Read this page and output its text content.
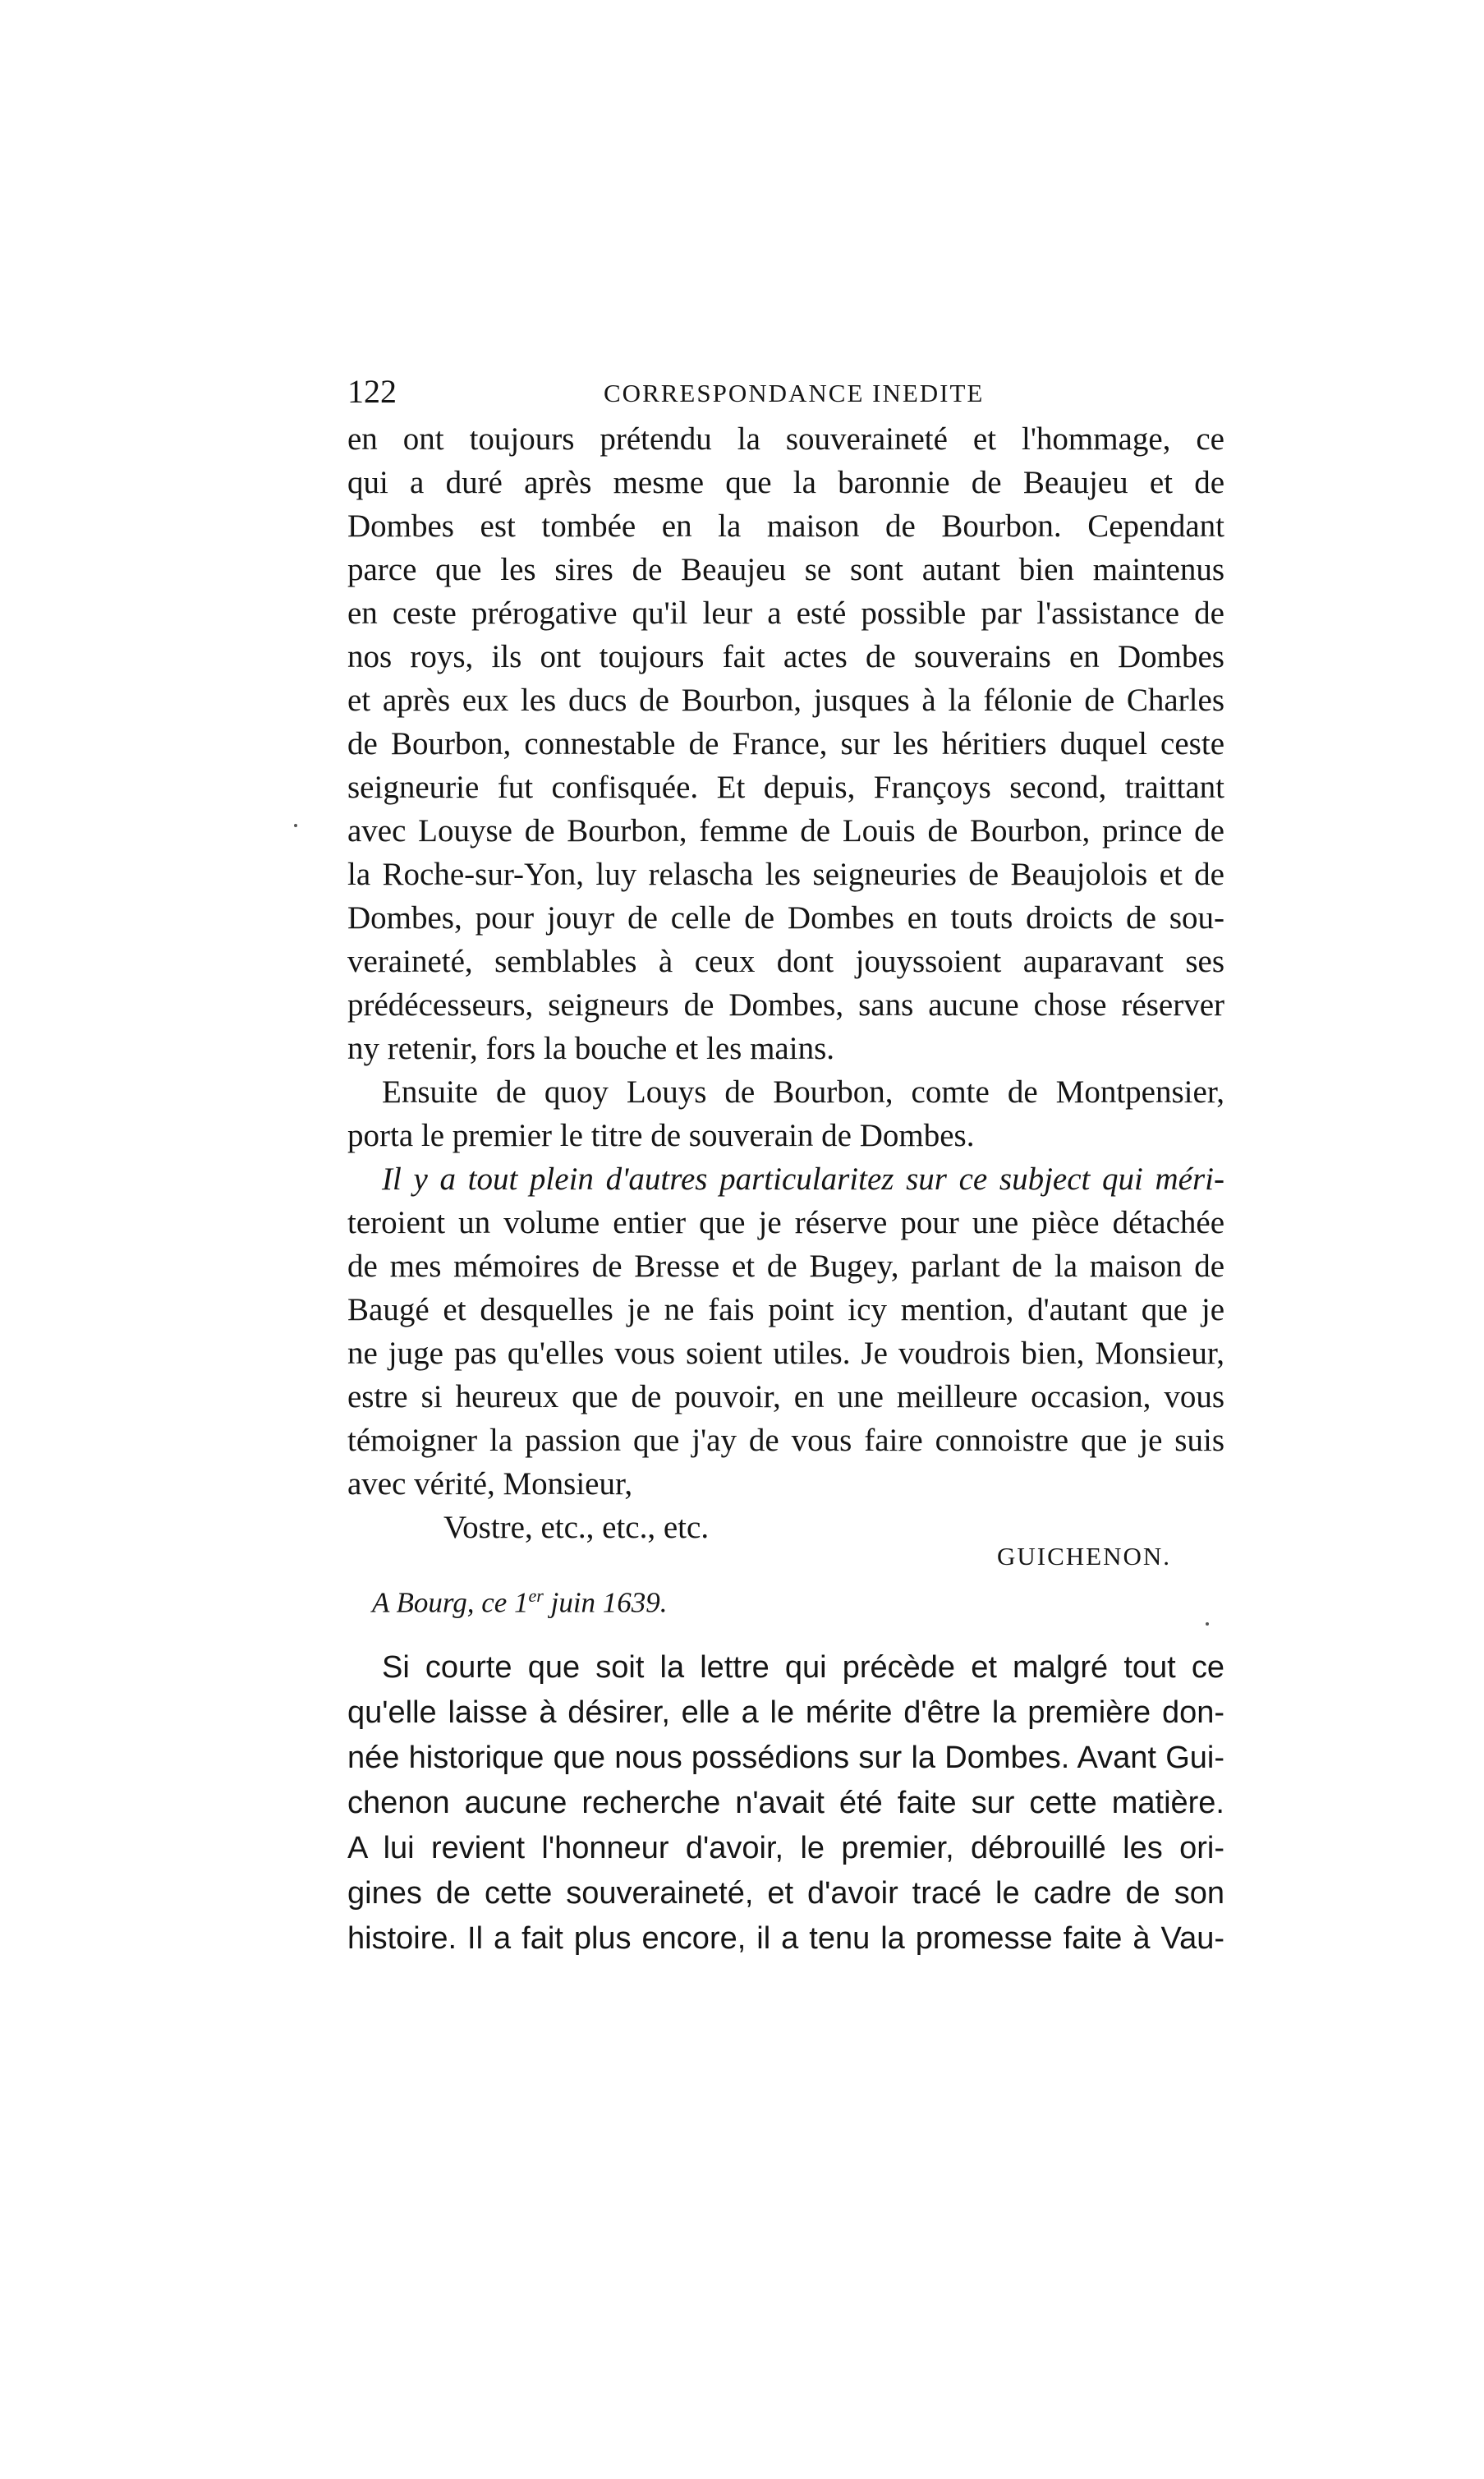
122	CORRESPONDANCE INEDITE
en ont toujours prétendu la souveraineté et l'hommage, ce
qui a duré après mesme que la baronnie de Beaujeu et de
Dombes est tombée en la maison de Bourbon. Cependant
parce que les sires de Beaujeu se sont autant bien maintenus
en ceste prérogative qu'il leur a esté possible par l'assistance de
nos roys, ils ont toujours fait actes de souverains en Dombes
et après eux les ducs de Bourbon, jusques à la félonie de Charles
de Bourbon, connestable de France, sur les héritiers duquel ceste
seigneurie fut confisquée. Et depuis, Françoys second, traittant
avec Louyse de Bourbon, femme de Louis de Bourbon, prince de
la Roche-sur-Yon, luy relascha les seigneuries de Beaujolois et de
Dombes, pour jouyr de celle de Dombes en touts droicts de sou-
veraineté, semblables à ceux dont jouyssoient auparavant ses
prédécesseurs, seigneurs de Dombes, sans aucune chose réserver
ny retenir, fors la bouche et les mains.
Ensuite de quoy Louys de Bourbon, comte de Montpensier,
porta le premier le titre de souverain de Dombes.
Il y a tout plein d'autres particularitez sur ce subject qui méri-
teroient un volume entier que je réserve pour une pièce détachée
de mes mémoires de Bresse et de Bugey, parlant de la maison de
Baugé et desquelles je ne fais point icy mention, d'autant que je
ne juge pas qu'elles vous soient utiles. Je voudrois bien, Monsieur,
estre si heureux que de pouvoir, en une meilleure occasion, vous
témoigner la passion que j'ay de vous faire connoistre que je suis
avec vérité, Monsieur,
Vostre, etc., etc., etc.
GUICHENON.
A Bourg, ce 1er juin 1639.
Si courte que soit la lettre qui précède et malgré tout ce
qu'elle laisse à désirer, elle a le mérite d'être la première don-
née historique que nous possédions sur la Dombes. Avant Gui-
chenon aucune recherche n'avait été faite sur cette matière.
A lui revient l'honneur d'avoir, le premier, débrouillé les ori-
gines de cette souveraineté, et d'avoir tracé le cadre de son
histoire. Il a fait plus encore, il a tenu la promesse faite à Vau-
